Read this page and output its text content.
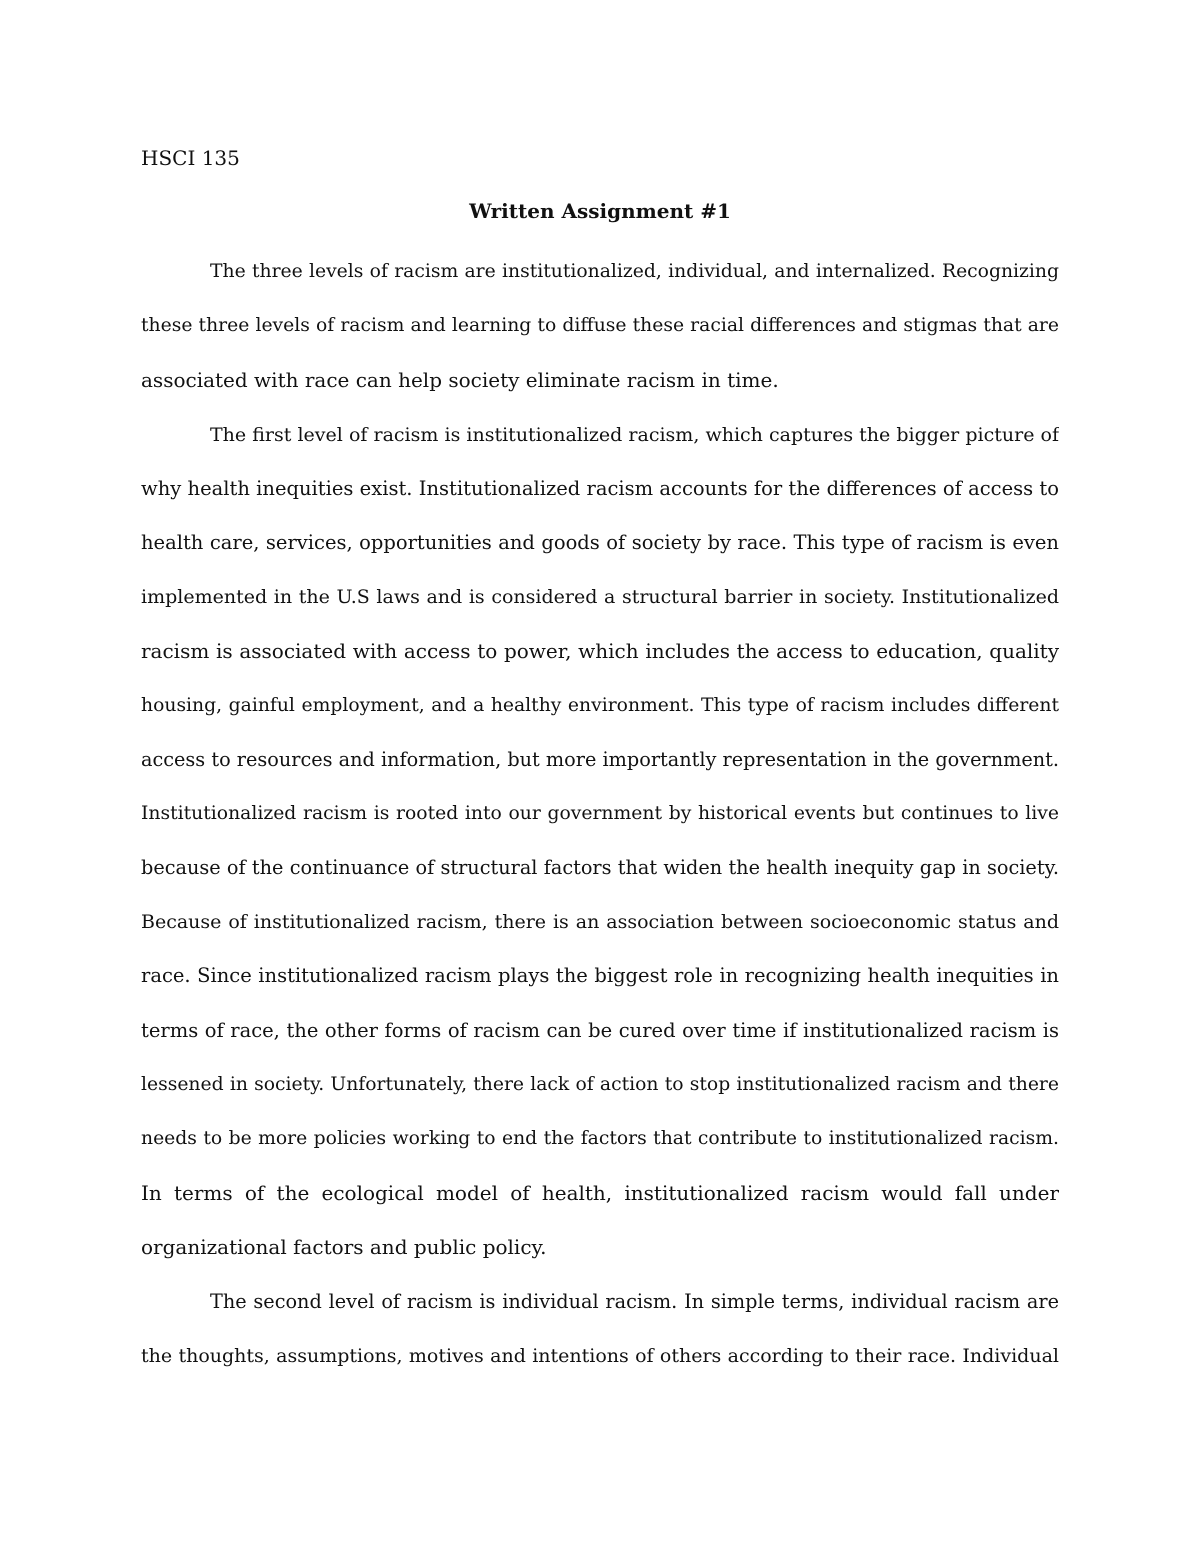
HSCI 135
Written Assignment #1
The three levels of racism are institutionalized, individual, and internalized. Recognizing
these three levels of racism and learning to diffuse these racial differences and stigmas that are
associated with race can help society eliminate racism in time.
The first level of racism is institutionalized racism, which captures the bigger picture of
why health inequities exist. Institutionalized racism accounts for the differences of access to
health care, services, opportunities and goods of society by race. This type of racism is even
implemented in the U.S laws and is considered a structural barrier in society. Institutionalized
racism is associated with access to power, which includes the access to education, quality
housing, gainful employment, and a healthy environment. This type of racism includes different
access to resources and information, but more importantly representation in the government.
Institutionalized racism is rooted into our government by historical events but continues to live
because of the continuance of structural factors that widen the health inequity gap in society.
Because of institutionalized racism, there is an association between socioeconomic status and
race. Since institutionalized racism plays the biggest role in recognizing health inequities in
terms of race, the other forms of racism can be cured over time if institutionalized racism is
lessened in society. Unfortunately, there lack of action to stop institutionalized racism and there
needs to be more policies working to end the factors that contribute to institutionalized racism.
In terms of the ecological model of health, institutionalized racism would fall under
organizational factors and public policy.
The second level of racism is individual racism. In simple terms, individual racism are
the thoughts, assumptions, motives and intentions of others according to their race. Individual
